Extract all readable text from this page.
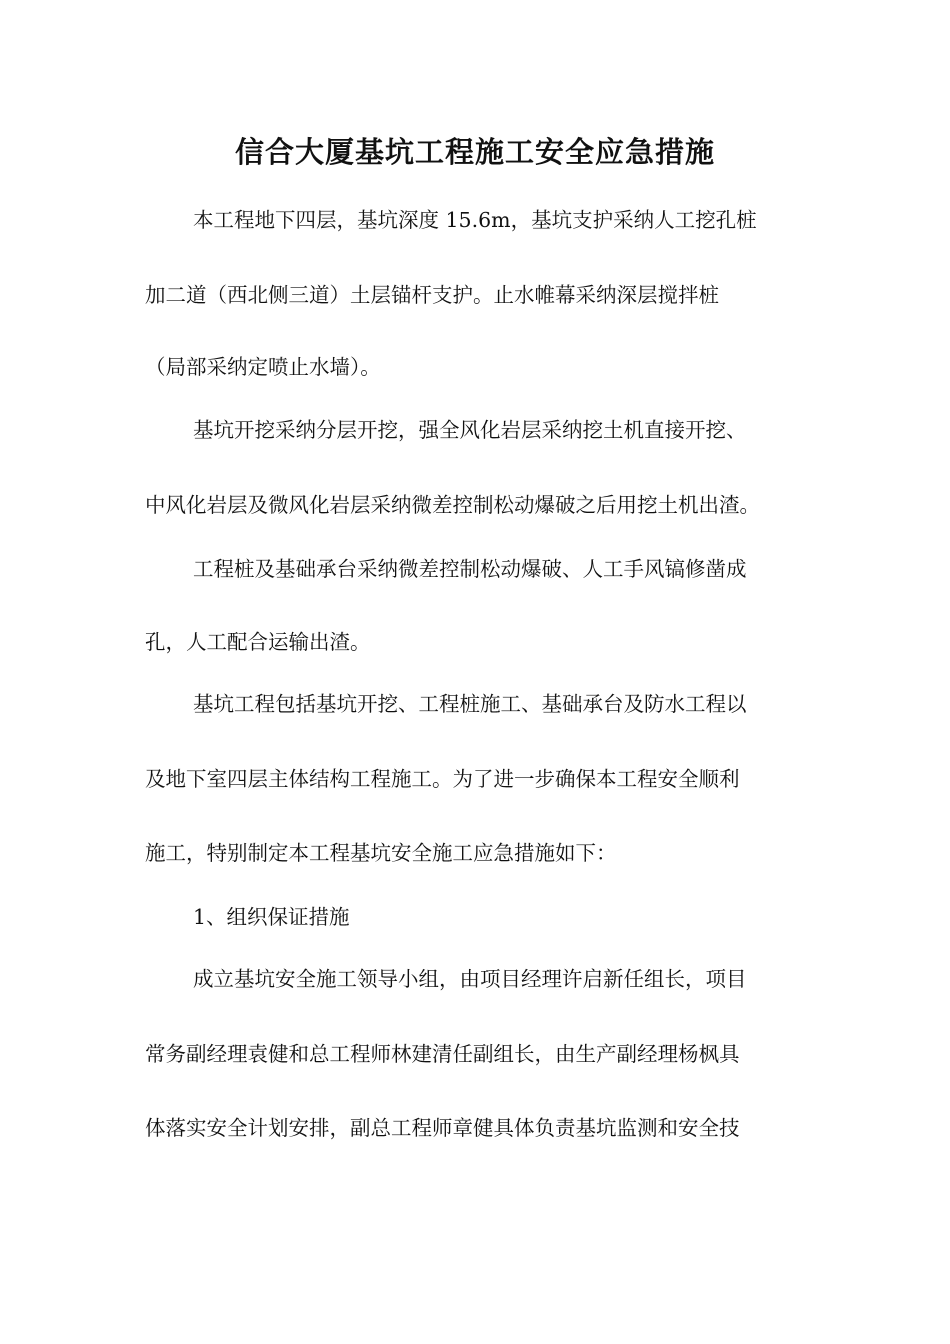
信合大厦基坑工程施工安全应急措施

本工程地下四层，基坑深度 15.6m，基坑支护采纳人工挖孔桩

加二道（西北侧三道）土层锚杆支护。止水帷幕采纳深层搅拌桩

（局部采纳定喷止水墙）。

基坑开挖采纳分层开挖，强全风化岩层采纳挖土机直接开挖、

中风化岩层及微风化岩层采纳微差控制松动爆破之后用挖土机出渣。

工程桩及基础承台采纳微差控制松动爆破、人工手风镐修凿成

孔，人工配合运输出渣。

基坑工程包括基坑开挖、工程桩施工、基础承台及防水工程以

及地下室四层主体结构工程施工。为了进一步确保本工程安全顺利

施工，特别制定本工程基坑安全施工应急措施如下：

1、组织保证措施

成立基坑安全施工领导小组，由项目经理许启新任组长，项目

常务副经理袁健和总工程师林建清任副组长，由生产副经理杨枫具

体落实安全计划安排，副总工程师章健具体负责基坑监测和安全技
